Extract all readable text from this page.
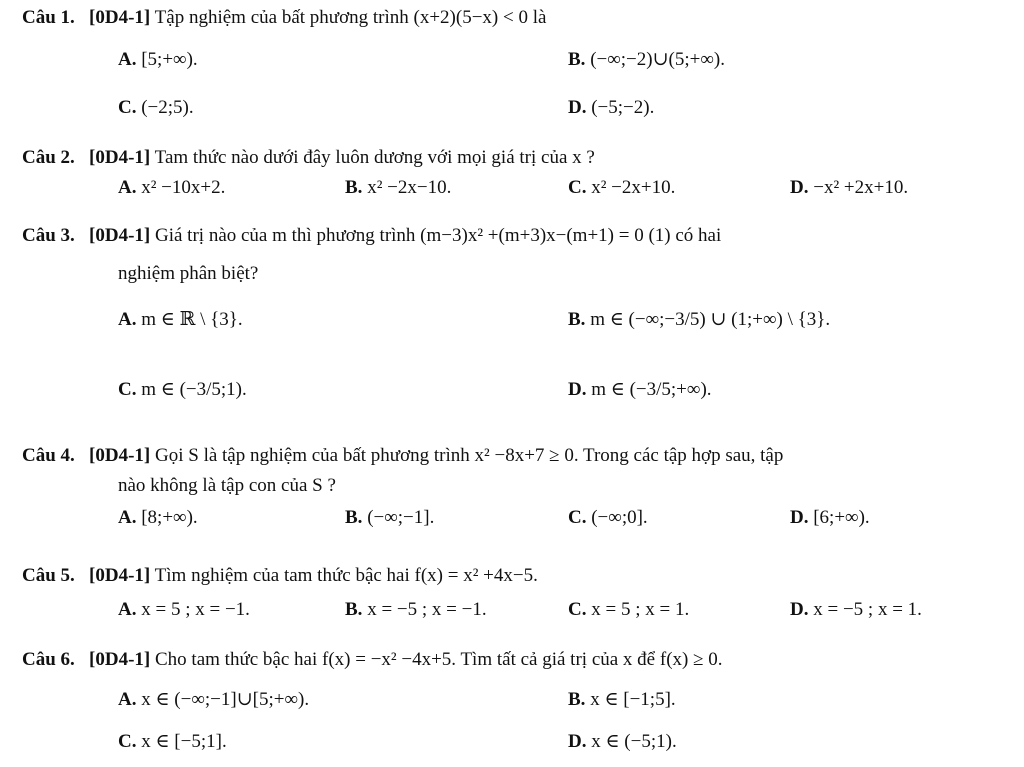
Câu 1. [0D4-1] Tập nghiệm của bất phương trình (x+2)(5−x) < 0 là
A. [5;+∞).	B. (−∞;−2)∪(5;+∞).
C. (−2;5).	D. (−5;−2).
Câu 2. [0D4-1] Tam thức nào dưới đây luôn dương với mọi giá trị của x ?
A. x² −10x+2.	B. x² −2x−10.	C. x² −2x+10.	D. −x² +2x+10.
Câu 3. [0D4-1] Giá trị nào của m thì phương trình (m−3)x² +(m+3)x−(m+1) = 0 (1) có hai
nghiệm phân biệt?
A. m ∈ ℝ \ {3}.	B. m ∈ (−∞;−3/5) ∪ (1;+∞) \ {3}.
C. m ∈ (−3/5;1).	D. m ∈ (−3/5;+∞).
Câu 4. [0D4-1] Gọi S là tập nghiệm của bất phương trình x² −8x+7 ≥ 0. Trong các tập hợp sau, tập
nào không là tập con của S ?
A. [8;+∞).	B. (−∞;−1].	C. (−∞;0].	D. [6;+∞).
Câu 5. [0D4-1] Tìm nghiệm của tam thức bậc hai f(x) = x² +4x−5.
A. x = 5 ; x = −1.	B. x = −5 ; x = −1.	C. x = 5 ; x = 1.	D. x = −5 ; x = 1.
Câu 6. [0D4-1] Cho tam thức bậc hai f(x) = −x² −4x+5. Tìm tất cả giá trị của x để f(x) ≥ 0.
A. x ∈ (−∞;−1]∪[5;+∞).	B. x ∈ [−1;5].
C. x ∈ [−5;1].	D. x ∈ (−5;1).
